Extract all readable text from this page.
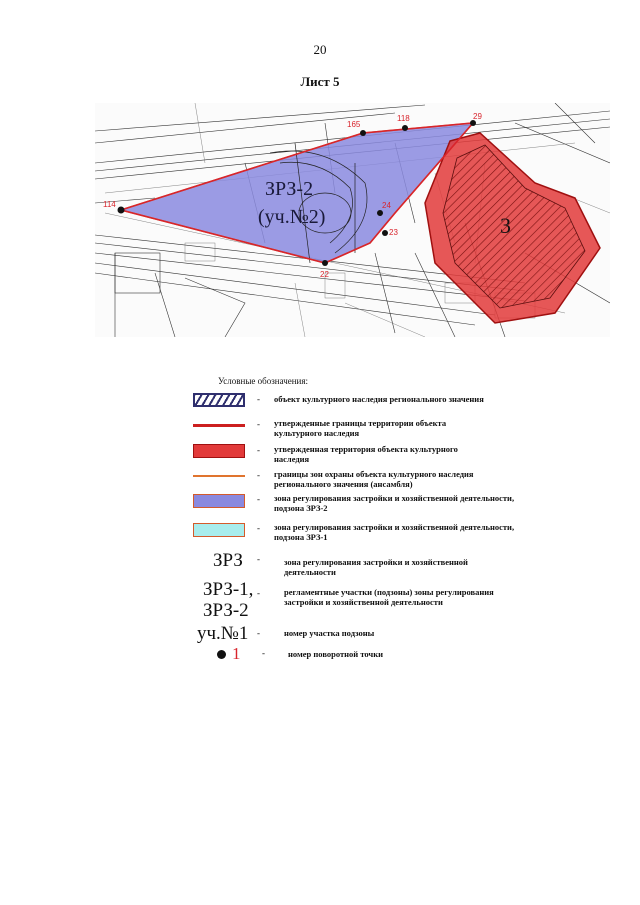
20
Лист 5
114
165
118	29
24
22
23
ЗРЗ-2
(уч.№2)	3
Условные обозначения:
- объект культурного наследия регионального значения
- утвержденные границы территории объекта культурного наследия
- утвержденная территория объекта культурного наследия
- границы зон охраны объекта культурного наследия регионального значения (ансамбля)
- зона регулирования застройки и хозяйственной деятельности, подзона ЗРЗ-2
- зона регулирования застройки и хозяйственной деятельности, подзона ЗРЗ-1
ЗРЗ -	зона регулирования застройки и хозяйственной деятельности
ЗРЗ-1,
ЗРЗ-2
-	регламентные участки (подзоны) зоны регулирования застройки и хозяйственной деятельности
уч.№1 -	номер участка подзоны
1 -	номер поворотной точки
